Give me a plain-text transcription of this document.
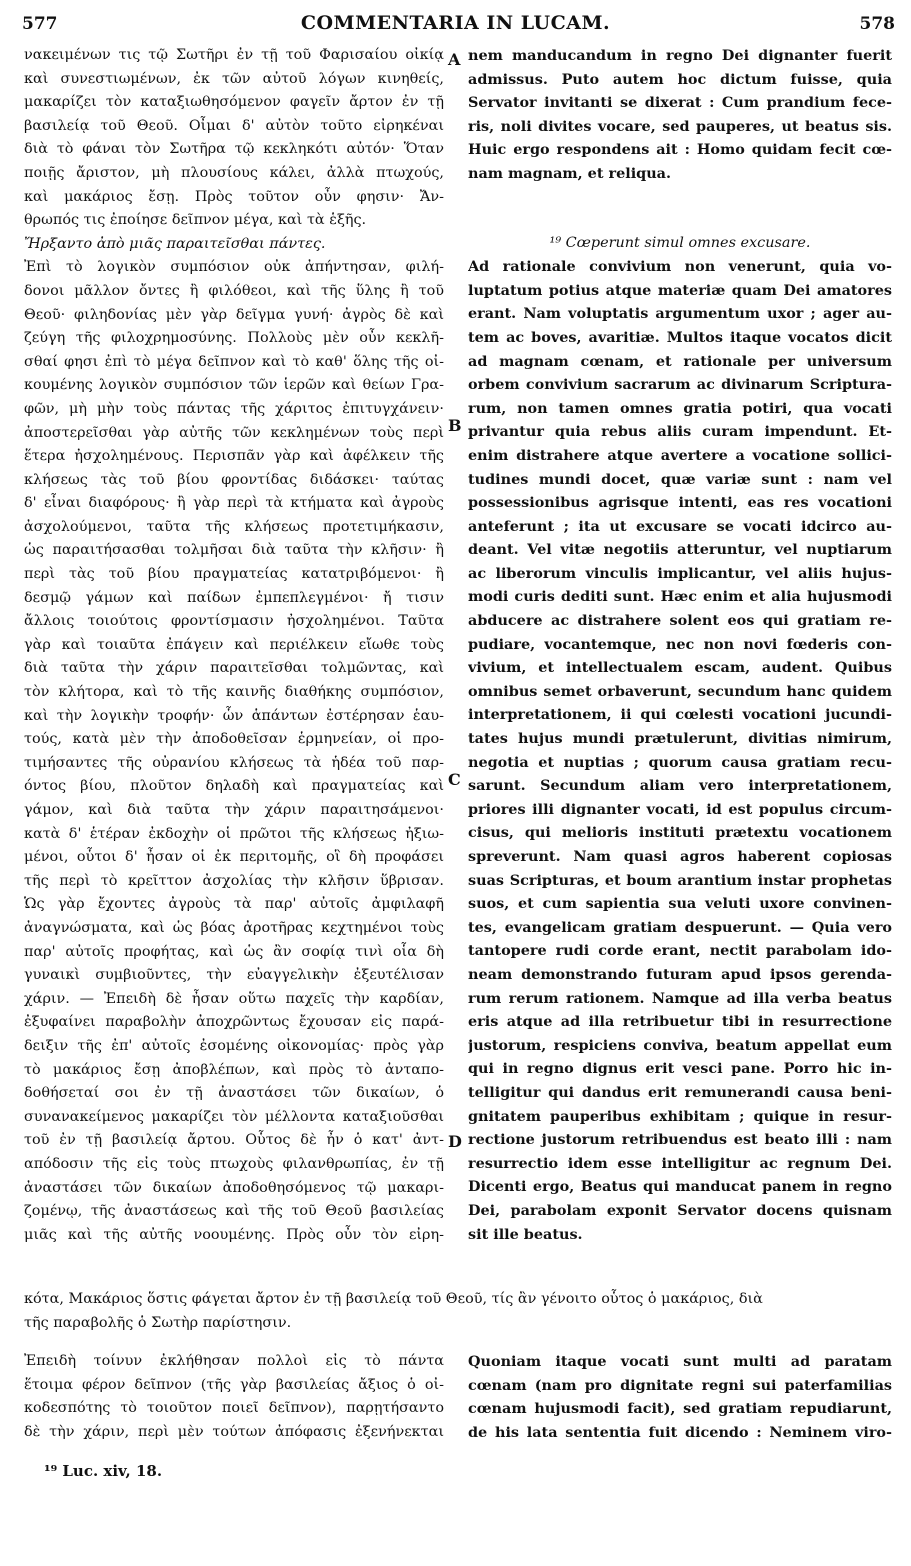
577	COMMENTARIA IN LUCAM.	578
νακειμένων τις τῷ Σωτῆρι ἐν τῇ τοῦ Φαρισαίου οἰκίᾳ
καὶ συνεστιωμένων, ἐκ τῶν αὐτοῦ λόγων κινηθείς,
μακαρίζει τὸν καταξιωθησόμενον φαγεῖν ἄρτον ἐν τῇ
βασιλείᾳ τοῦ Θεοῦ. Οἶμαι δ' αὐτὸν τοῦτο εἰρηκέναι
διὰ τὸ φάναι τὸν Σωτῆρα τῷ κεκληκότι αὐτόν· Ὅταν
ποιῇς ἄριστον, μὴ πλουσίους κάλει, ἀλλὰ πτωχούς,
καὶ μακάριος ἔσῃ. Πρὸς τοῦτον οὖν φησιν· Ἄν-
θρωπός τις ἐποίησε δεῖπνον μέγα, καὶ τὰ ἑξῆς.
Ἤρξαντο ἀπὸ μιᾶς παραιτεῖσθαι πάντες.
Ἐπὶ τὸ λογικὸν συμπόσιον οὐκ ἀπήντησαν, φιλή-
δονοι μᾶλλον ὄντες ἢ φιλόθεοι, καὶ τῆς ὕλης ἢ τοῦ
Θεοῦ· φιληδονίας μὲν γὰρ δεῖγμα γυνή· ἀγρὸς δὲ καὶ
ζεύγη τῆς φιλοχρημοσύνης. Πολλοὺς μὲν οὖν κεκλῆ-
σθαί φησι ἐπὶ τὸ μέγα δεῖπνον καὶ τὸ καθ' ὅλης τῆς οἰ-
κουμένης λογικὸν συμπόσιον τῶν ἱερῶν καὶ θείων Γρα-
φῶν, μὴ μὴν τοὺς πάντας τῆς χάριτος ἐπιτυγχάνειν·
ἀποστερεῖσθαι γὰρ αὐτῆς τῶν κεκλημένων τοὺς περὶ
ἕτερα ἠσχολημένους. Περισπᾶν γὰρ καὶ ἀφέλκειν τῆς
κλήσεως τὰς τοῦ βίου φροντίδας διδάσκει· ταύτας
δ' εἶναι διαφόρους· ἢ γὰρ περὶ τὰ κτήματα καὶ ἀγροὺς
ἀσχολούμενοι, ταῦτα τῆς κλήσεως προτετιμήκασιν,
ὡς παραιτήσασθαι τολμῆσαι διὰ ταῦτα τὴν κλῆσιν· ἢ
περὶ τὰς τοῦ βίου πραγματείας κατατριβόμενοι· ἢ
δεσμῷ γάμων καὶ παίδων ἐμπεπλεγμένοι· ἤ τισιν
ἄλλοις τοιούτοις φροντίσμασιν ἠσχολημένοι. Ταῦτα
γὰρ καὶ τοιαῦτα ἐπάγειν καὶ περιέλκειν εἴωθε τοὺς
διὰ ταῦτα τὴν χάριν παραιτεῖσθαι τολμῶντας, καὶ
τὸν κλήτορα, καὶ τὸ τῆς καινῆς διαθήκης συμπόσιον,
καὶ τὴν λογικὴν τροφήν· ὧν ἁπάντων ἐστέρησαν ἑαυ-
τούς, κατὰ μὲν τὴν ἀποδοθεῖσαν ἑρμηνείαν, οἱ προ-
τιμήσαντες τῆς οὐρανίου κλήσεως τὰ ἡδέα τοῦ παρ-
όντος βίου, πλοῦτον δηλαδὴ καὶ πραγματείας καὶ
γάμον, καὶ διὰ ταῦτα τὴν χάριν παραιτησάμενοι·
κατὰ δ' ἑτέραν ἐκδοχὴν οἱ πρῶτοι τῆς κλήσεως ἠξιω-
μένοι, οὗτοι δ' ἦσαν οἱ ἐκ περιτομῆς, οἳ δὴ προφάσει
τῆς περὶ τὸ κρεῖττον ἀσχολίας τὴν κλῆσιν ὕβρισαν.
Ὡς γὰρ ἔχοντες ἀγροὺς τὰ παρ' αὐτοῖς ἀμφιλαφῆ
ἀναγνώσματα, καὶ ὡς βόας ἀροτῆρας κεχτημένοι τοὺς
παρ' αὐτοῖς προφήτας, καὶ ὡς ἂν σοφίᾳ τινὶ οἷα δὴ
γυναικὶ συμβιοῦντες, τὴν εὐαγγελικὴν ἐξευτέλισαν
χάριν. — Ἐπειδὴ δὲ ἦσαν οὕτω παχεῖς τὴν καρδίαν,
ἐξυφαίνει παραβολὴν ἀποχρῶντως ἔχουσαν εἰς παρά-
δειξιν τῆς ἐπ' αὐτοῖς ἐσομένης οἰκονομίας· πρὸς γὰρ
τὸ μακάριος ἔσῃ ἀποβλέπων, καὶ πρὸς τὸ ἀνταπο-
δοθήσεταί σοι ἐν τῇ ἀναστάσει τῶν δικαίων, ὁ
συνανακείμενος μακαρίζει τὸν μέλλοντα καταξιοῦσθαι
τοῦ ἐν τῇ βασιλείᾳ ἄρτου. Οὗτος δὲ ἦν ὁ κατ' ἀντ-
απόδοσιν τῆς εἰς τοὺς πτωχοὺς φιλανθρωπίας, ἐν τῇ
ἀναστάσει τῶν δικαίων ἀποδοθησόμενος τῷ μακαρι-
ζομένῳ, τῆς ἀναστάσεως καὶ τῆς τοῦ Θεοῦ βασιλείας
μιᾶς καὶ τῆς αὐτῆς νοουμένης. Πρὸς οὖν τὸν εἰρη-
nem manducandum in regno Dei dignanter fuerit
admissus. Puto autem hoc dictum fuisse, quia
Servator invitanti se dixerat : Cum prandium fece-
ris, noli divites vocare, sed pauperes, ut beatus sis.
Huic ergo respondens ait : Homo quidam fecit cœ-
nam magnam, et reliqua.
¹⁹ Cœperunt simul omnes excusare.
Ad rationale convivium non venerunt, quia vo-
luptatum potius atque materiæ quam Dei amatores
erant. Nam voluptatis argumentum uxor ; ager au-
tem ac boves, avaritiæ. Multos itaque vocatos dicit
ad magnam cœnam, et rationale per universum
orbem convivium sacrarum ac divinarum Scriptura-
rum, non tamen omnes gratia potiri, qua vocati
privantur quia rebus aliis curam impendunt. Et-
enim distrahere atque avertere a vocatione sollici-
tudines mundi docet, quæ variæ sunt : nam vel
possessionibus agrisque intenti, eas res vocationi
anteferunt ; ita ut excusare se vocati idcirco au-
deant. Vel vitæ negotiis atteruntur, vel nuptiarum
ac liberorum vinculis implicantur, vel aliis hujus-
modi curis dediti sunt. Hæc enim et alia hujusmodi
abducere ac distrahere solent eos qui gratiam re-
pudiare, vocantemque, nec non novi fœderis con-
vivium, et intellectualem escam, audent. Quibus
omnibus semet orbaverunt, secundum hanc quidem
interpretationem, ii qui cœlesti vocationi jucundi-
tates hujus mundi prætulerunt, divitias nimirum,
negotia et nuptias ; quorum causa gratiam recu-
sarunt. Secundum aliam vero interpretationem,
priores illi dignanter vocati, id est populus circum-
cisus, qui melioris instituti prætextu vocationem
spreverunt. Nam quasi agros haberent copiosas
suas Scripturas, et boum arantium instar prophetas
suos, et cum sapientia sua veluti uxore convinen-
tes, evangelicam gratiam despuerunt. — Quia vero
tantopere rudi corde erant, nectit parabolam ido-
neam demonstrando futuram apud ipsos gerenda-
rum rerum rationem. Namque ad illa verba beatus
eris atque ad illa retribuetur tibi in resurrectione
justorum, respiciens conviva, beatum appellat eum
qui in regno dignus erit vesci pane. Porro hic in-
telligitur qui dandus erit remunerandi causa beni-
gnitatem pauperibus exhibitam ; quique in resur-
rectione justorum retribuendus est beato illi : nam
resurrectio idem esse intelligitur ac regnum Dei.
Dicenti ergo, Beatus qui manducat panem in regno
Dei, parabolam exponit Servator docens quisnam
sit ille beatus.
A
B
C
D
κότα, Μακάριος ὅστις φάγεται ἄρτον ἐν τῇ βασιλείᾳ τοῦ Θεοῦ, τίς ἂν γένοιτο οὗτος ὁ μακάριος, διὰ
τῆς παραβολῆς ὁ Σωτὴρ παρίστησιν.
Ἐπειδὴ τοίνυν ἐκλήθησαν πολλοὶ εἰς τὸ πάντα
ἕτοιμα φέρον δεῖπνον (τῆς γὰρ βασιλείας ἄξιος ὁ οἰ-
κοδεσπότης τὸ τοιοῦτον ποιεῖ δεῖπνον), παρῃτήσαντο
δὲ τὴν χάριν, περὶ μὲν τούτων ἀπόφασις ἐξενήνεκται
Quoniam itaque vocati sunt multi ad paratam
cœnam (nam pro dignitate regni sui paterfamilias
cœnam hujusmodi facit), sed gratiam repudiarunt,
de his lata sententia fuit dicendo : Neminem viro-
¹⁹ Luc. xiv, 18.
